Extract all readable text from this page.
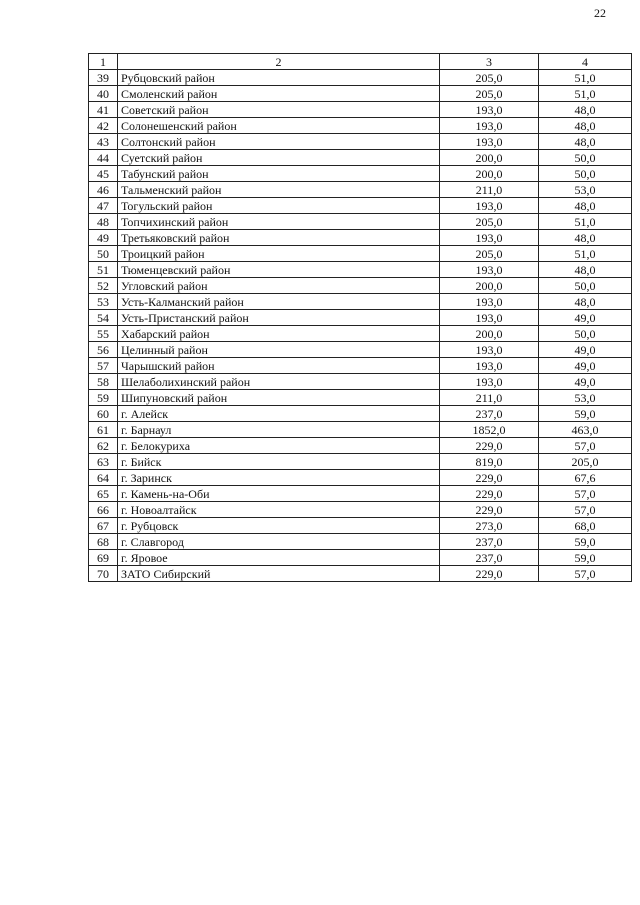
22
1	2	3	4
39	Рубцовский район	205,0	51,0
40	Смоленский район	205,0	51,0
41	Советский район	193,0	48,0
42	Солонешенский район	193,0	48,0
43	Солтонский район	193,0	48,0
44	Суетский район	200,0	50,0
45	Табунский район	200,0	50,0
46	Тальменский район	211,0	53,0
47	Тогульский район	193,0	48,0
48	Топчихинский район	205,0	51,0
49	Третьяковский район	193,0	48,0
50	Троицкий район	205,0	51,0
51	Тюменцевский район	193,0	48,0
52	Угловский район	200,0	50,0
53	Усть-Калманский район	193,0	48,0
54	Усть-Пристанский район	193,0	49,0
55	Хабарский район	200,0	50,0
56	Целинный район	193,0	49,0
57	Чарышский район	193,0	49,0
58	Шелаболихинский район	193,0	49,0
59	Шипуновский район	211,0	53,0
60	г. Алейск	237,0	59,0
61	г. Барнаул	1852,0	463,0
62	г. Белокуриха	229,0	57,0
63	г. Бийск	819,0	205,0
64	г. Заринск	229,0	67,6
65	г. Камень-на-Оби	229,0	57,0
66	г. Новоалтайск	229,0	57,0
67	г. Рубцовск	273,0	68,0
68	г. Славгород	237,0	59,0
69	г. Яровое	237,0	59,0
70	ЗАТО Сибирский	229,0	57,0
